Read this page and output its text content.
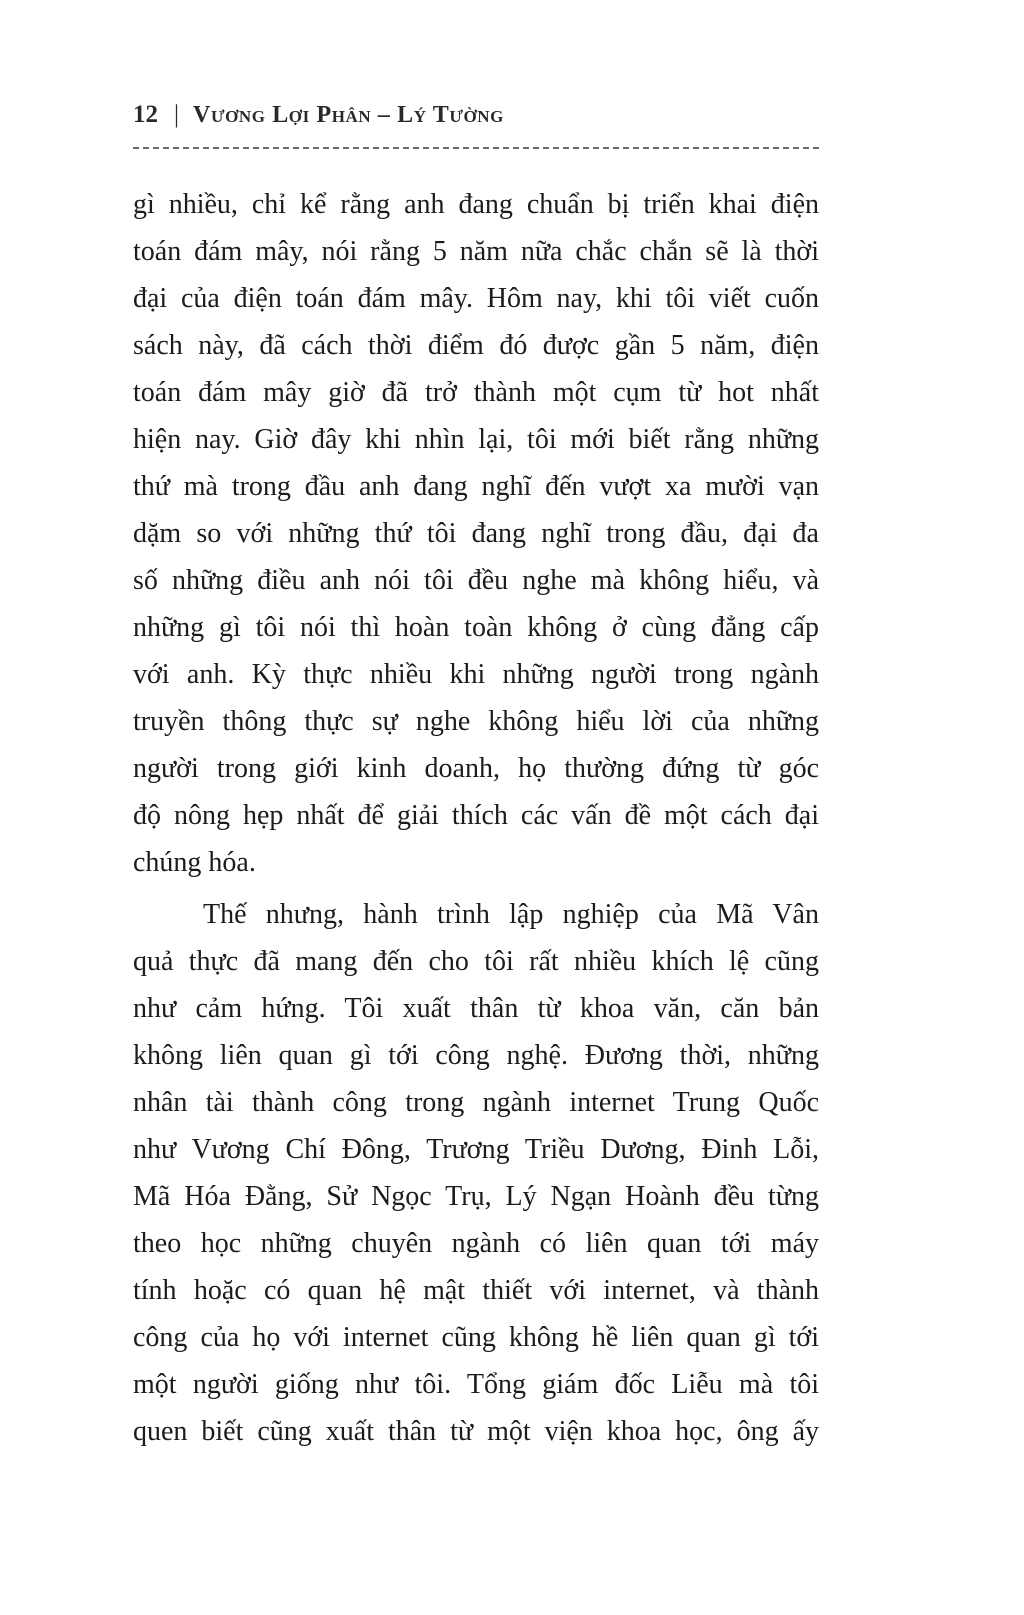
12 | Vương Lợi Phân – Lý Tường
gì nhiều, chỉ kể rằng anh đang chuẩn bị triển khai điện
toán đám mây, nói rằng 5 năm nữa chắc chắn sẽ là thời
đại của điện toán đám mây. Hôm nay, khi tôi viết cuốn
sách này, đã cách thời điểm đó được gần 5 năm, điện
toán đám mây giờ đã trở thành một cụm từ hot nhất
hiện nay. Giờ đây khi nhìn lại, tôi mới biết rằng những
thứ mà trong đầu anh đang nghĩ đến vượt xa mười vạn
dặm so với những thứ tôi đang nghĩ trong đầu, đại đa
số những điều anh nói tôi đều nghe mà không hiểu, và
những gì tôi nói thì hoàn toàn không ở cùng đẳng cấp
với anh. Kỳ thực nhiều khi những người trong ngành
truyền thông thực sự nghe không hiểu lời của những
người trong giới kinh doanh, họ thường đứng từ góc
độ nông hẹp nhất để giải thích các vấn đề một cách đại
chúng hóa.
Thế nhưng, hành trình lập nghiệp của Mã Vân
quả thực đã mang đến cho tôi rất nhiều khích lệ cũng
như cảm hứng. Tôi xuất thân từ khoa văn, căn bản
không liên quan gì tới công nghệ. Đương thời, những
nhân tài thành công trong ngành internet Trung Quốc
như Vương Chí Đông, Trương Triều Dương, Đinh Lỗi,
Mã Hóa Đằng, Sử Ngọc Trụ, Lý Ngạn Hoành đều từng
theo học những chuyên ngành có liên quan tới máy
tính hoặc có quan hệ mật thiết với internet, và thành
công của họ với internet cũng không hề liên quan gì tới
một người giống như tôi. Tổng giám đốc Liễu mà tôi
quen biết cũng xuất thân từ một viện khoa học, ông ấy
